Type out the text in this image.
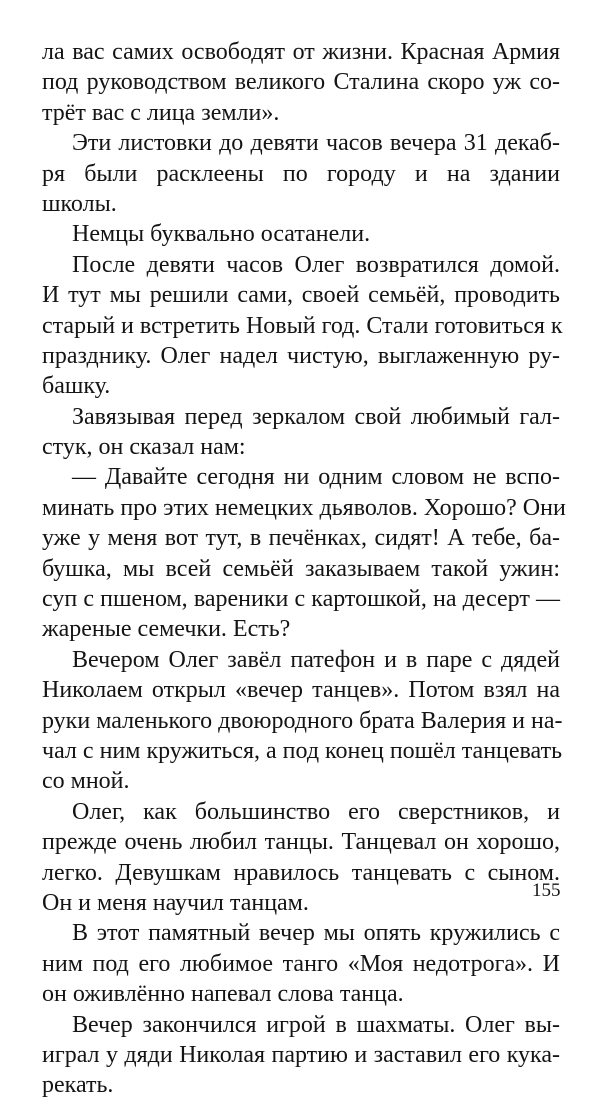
ла вас самих освободят от жизни. Красная Армия
под руководством великого Сталина скоро уж со-
трёт вас с лица земли».
Эти листовки до девяти часов вечера 31 декаб-
ря были расклеены по городу и на здании
школы.
Немцы буквально осатанели.
После девяти часов Олег возвратился домой.
И тут мы решили сами, своей семьёй, проводить
старый и встретить Новый год. Стали готовиться к
празднику. Олег надел чистую, выглаженную ру-
башку.
Завязывая перед зеркалом свой любимый гал-
стук, он сказал нам:
— Давайте сегодня ни одним словом не вспо-
минать про этих немецких дьяволов. Хорошо? Они
уже у меня вот тут, в печёнках, сидят! А тебе, ба-
бушка, мы всей семьёй заказываем такой ужин:
суп с пшеном, вареники с картошкой, на десерт —
жареные семечки. Есть?
Вечером Олег завёл патефон и в паре с дядей
Николаем открыл «вечер танцев». Потом взял на
руки маленького двоюродного брата Валерия и на-
чал с ним кружиться, а под конец пошёл танцевать
со мной.
Олег, как большинство его сверстников, и
прежде очень любил танцы. Танцевал он хорошо,
легко. Девушкам нравилось танцевать с сыном.
Он и меня научил танцам.
В этот памятный вечер мы опять кружились с
ним под его любимое танго «Моя недотрога». И
он оживлённо напевал слова танца.
Вечер закончился игрой в шахматы. Олег вы-
играл у дяди Николая партию и заставил его кука-
рекать.
155
